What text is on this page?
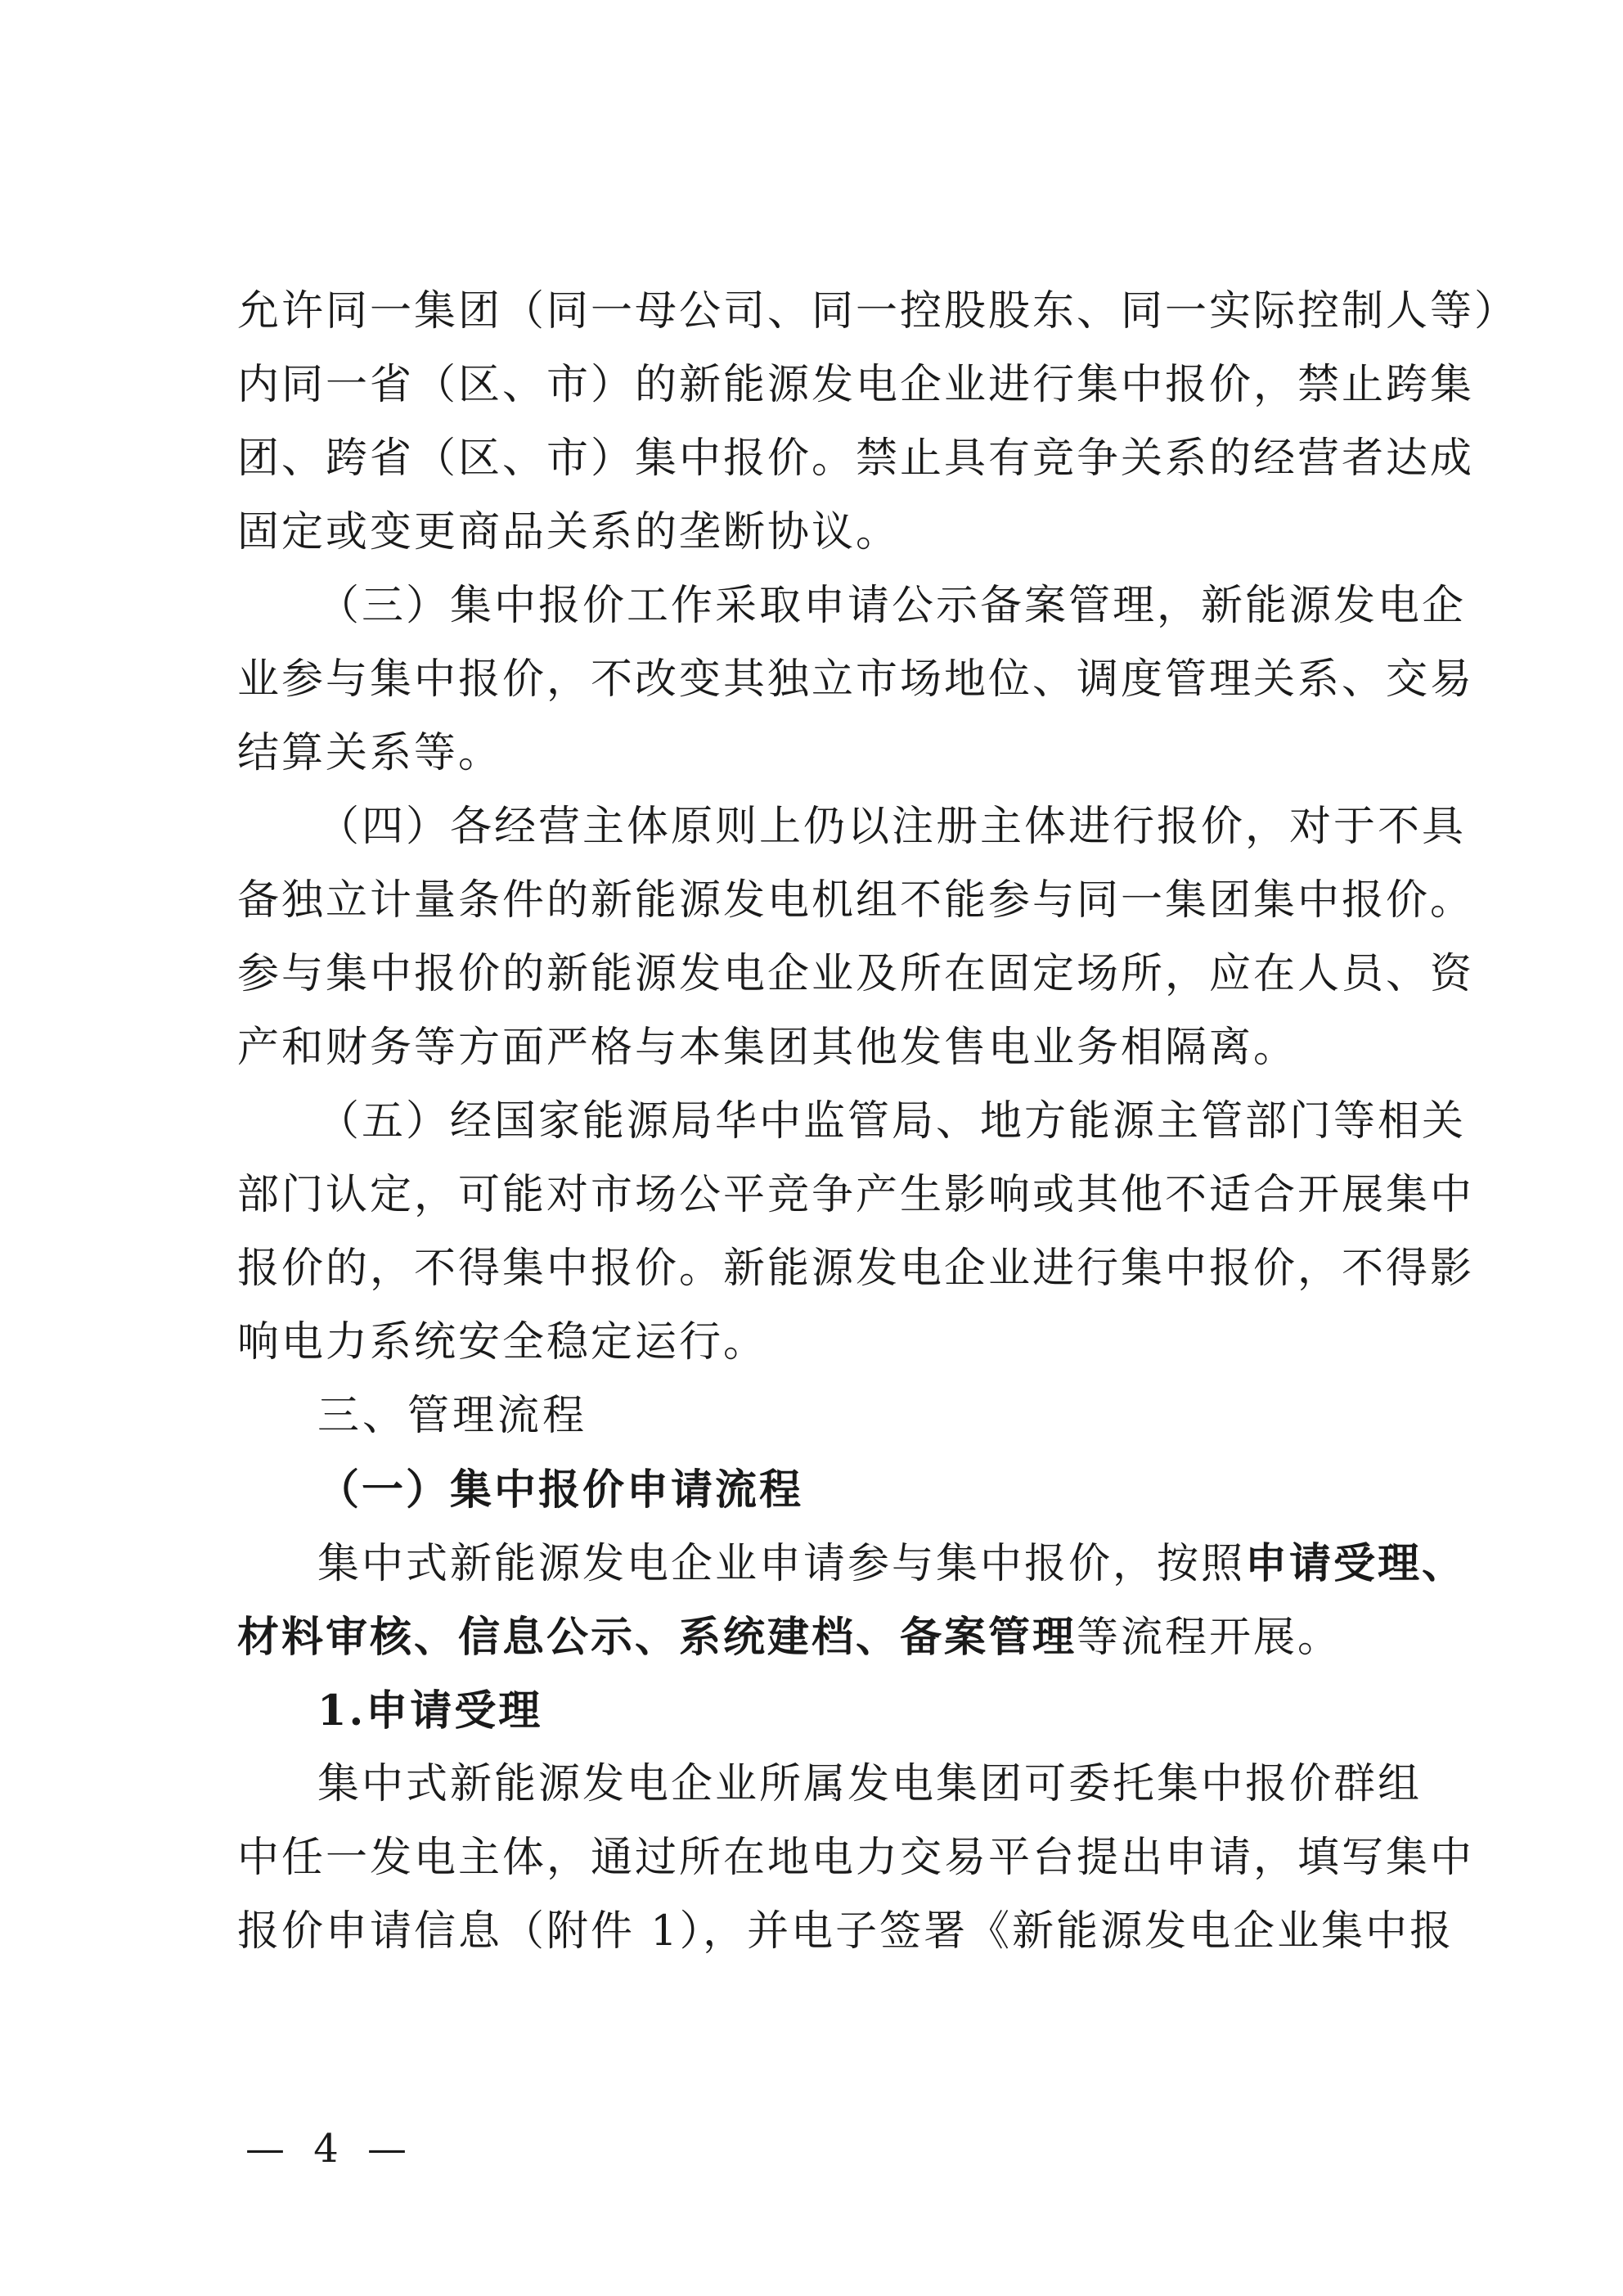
允许同一集团（同一母公司、同一控股股东、同一实际控制人等）
内同一省（区、市）的新能源发电企业进行集中报价，禁止跨集
团、跨省（区、市）集中报价。禁止具有竞争关系的经营者达成
固定或变更商品关系的垄断协议。
（三）集中报价工作采取申请公示备案管理，新能源发电企
业参与集中报价，不改变其独立市场地位、调度管理关系、交易
结算关系等。
（四）各经营主体原则上仍以注册主体进行报价，对于不具
备独立计量条件的新能源发电机组不能参与同一集团集中报价。
参与集中报价的新能源发电企业及所在固定场所，应在人员、资
产和财务等方面严格与本集团其他发售电业务相隔离。
（五）经国家能源局华中监管局、地方能源主管部门等相关
部门认定，可能对市场公平竞争产生影响或其他不适合开展集中
报价的，不得集中报价。新能源发电企业进行集中报价，不得影
响电力系统安全稳定运行。
三、管理流程
（一）集中报价申请流程
集中式新能源发电企业申请参与集中报价，按照申请受理、
材料审核、信息公示、系统建档、备案管理等流程开展。
1.申请受理
集中式新能源发电企业所属发电集团可委托集中报价群组
中任一发电主体，通过所在地电力交易平台提出申请，填写集中
报价申请信息（附件 1），并电子签署《新能源发电企业集中报
— 4 —
